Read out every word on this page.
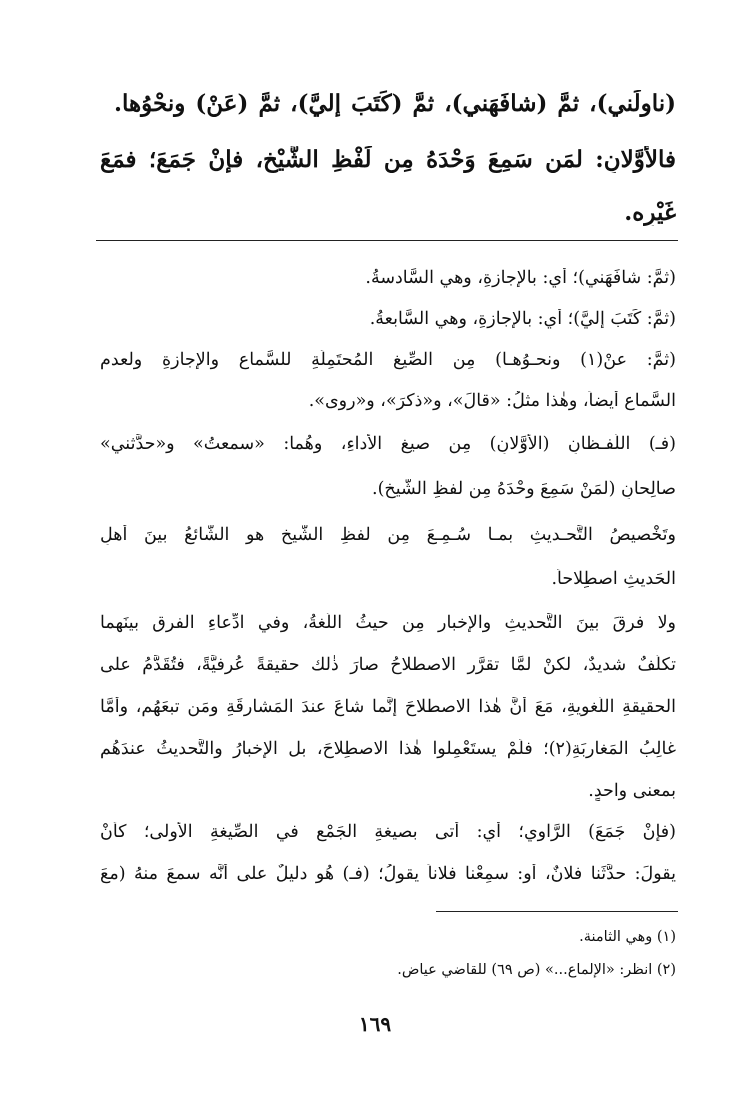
(ناولَني)، ثمَّ (شافَهَني)، ثمَّ (كَتَبَ إليَّ)، ثمَّ (عَنْ) ونحْوُها.
فالأوَّلانِ: لمَن سَمِعَ وَحْدَهُ مِن لَفْظِ الشَّيْخِ، فإنْ جَمَعَ؛ فمَعَ
غَيْرِه.
(ثمَّ: شافَهَني)؛ أي: بالإجازةِ، وهي السَّادسةُ.
(ثمَّ: كَتَبَ إليَّ)؛ أي: بالإجازةِ، وهي السَّابعةُ.
(ثمَّ: عنْ(١) ونحـوُهـا) مِن الصِّيغِ المُحتَمِلَةِ للسَّماعِ والإجازةِ ولعدمِ
السَّماعِ أيضاً، وهٰذا مثلُ: «قالَ»، و«ذكرَ»، و«روى».
(فـ) اللَّفـظانِ (الأوَّلانِ) مِن صيغِ الأداءِ، وهُما: «سمعتُ» و«حدَّثني»
صالِحانِ (لمَنْ سَمِعَ وحْدَهُ مِن لفظِ الشَّيخِ).
وتَخْصيصُ التَّحـديثِ بمـا سُـمِـعَ مِن لفظِ الشَّيخِ هو الشَّائعُ بينَ أهلِ
الحَديثِ اصطِلاحاً.
ولا فرقَ بينَ التَّحديثِ والإخبارِ مِن حيثُ اللُّغةُ، وفي ادِّعاءِ الفرقِ بينَهما
تكلُّفٌ شديدٌ، لكنْ لمَّا تقرَّر الاصطلاحُ صارَ ذٰلك حقيقةً عُرفيَّةً، فتُقَدَّمُ على
الحقيقةِ اللُّغويةِ، مَعَ أنَّ هٰذا الاصطلاحَ إنَّما شاعَ عندَ المَشارقَةِ ومَن تبعَهُم، وأمَّا
غالِبُ المَغارِبَةِ(٢)؛ فلَمْ يستَعْمِلوا هٰذا الاصطِلاحَ، بل الإخبارُ والتَّحديثُ عندَهُم
بمعنى واحدٍ.
(فإنْ جَمَعَ) الرَّاوي؛ أي: أتى بصيغةِ الجَمْعِ في الصِّيغةِ الأولى؛ كأنْ
يقولَ: حدَّثَنا فلانٌ، أو: سمِعْنا فلاناً يقولُ؛ (فـ) هُو دليلٌ على أنَّه سمعَ منهُ (معَ
(١) وهي الثامنة.
(٢) انظر: «الإلماع...» (ص ٦٩) للقاضي عياض.
١٦٩
